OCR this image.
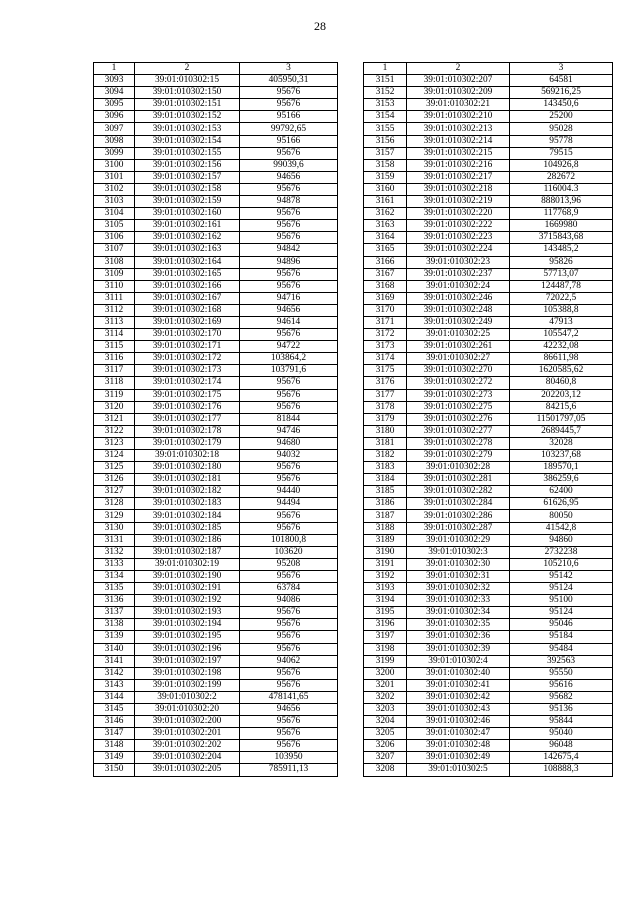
28
1	2	3
3093	39:01:010302:15	405950,31
3094	39:01:010302:150	95676
3095	39:01:010302:151	95676
3096	39:01:010302:152	95166
3097	39:01:010302:153	99792,65
3098	39:01:010302:154	95166
3099	39:01:010302:155	95676
3100	39:01:010302:156	99039,6
3101	39:01:010302:157	94656
3102	39:01:010302:158	95676
3103	39:01:010302:159	94878
3104	39:01:010302:160	95676
3105	39:01:010302:161	95676
3106	39:01:010302:162	95676
3107	39:01:010302:163	94842
3108	39:01:010302:164	94896
3109	39:01:010302:165	95676
3110	39:01:010302:166	95676
3111	39:01:010302:167	94716
3112	39:01:010302:168	94656
3113	39:01:010302:169	94614
3114	39:01:010302:170	95676
3115	39:01:010302:171	94722
3116	39:01:010302:172	103864,2
3117	39:01:010302:173	103791,6
3118	39:01:010302:174	95676
3119	39:01:010302:175	95676
3120	39:01:010302:176	95676
3121	39:01:010302:177	81844
3122	39:01:010302:178	94746
3123	39:01:010302:179	94680
3124	39:01:010302:18	94032
3125	39:01:010302:180	95676
3126	39:01:010302:181	95676
3127	39:01:010302:182	94440
3128	39:01:010302:183	94494
3129	39:01:010302:184	95676
3130	39:01:010302:185	95676
3131	39:01:010302:186	101800,8
3132	39:01:010302:187	103620
3133	39:01:010302:19	95208
3134	39:01:010302:190	95676
3135	39:01:010302:191	63784
3136	39:01:010302:192	94086
3137	39:01:010302:193	95676
3138	39:01:010302:194	95676
3139	39:01:010302:195	95676
3140	39:01:010302:196	95676
3141	39:01:010302:197	94062
3142	39:01:010302:198	95676
3143	39:01:010302:199	95676
3144	39:01:010302:2	478141,65
3145	39:01:010302:20	94656
3146	39:01:010302:200	95676
3147	39:01:010302:201	95676
3148	39:01:010302:202	95676
3149	39:01:010302:204	103950
3150	39:01:010302:205	785911,13
1	2	3
3151	39:01:010302:207	64581
3152	39:01:010302:209	569216,25
3153	39:01:010302:21	143450,6
3154	39:01:010302:210	25200
3155	39:01:010302:213	95028
3156	39:01:010302:214	95778
3157	39:01:010302:215	79515
3158	39:01:010302:216	104926,8
3159	39:01:010302:217	282672
3160	39:01:010302:218	116004.3
3161	39:01:010302:219	888013,96
3162	39:01:010302:220	117768,9
3163	39:01:010302:222	1669980
3164	39:01:010302:223	3715843,68
3165	39:01:010302:224	143485,2
3166	39:01:010302:23	95826
3167	39:01:010302:237	57713,07
3168	39:01:010302:24	124487,78
3169	39:01:010302:246	72022,5
3170	39:01:010302:248	105388,8
3171	39:01:010302:249	47913
3172	39:01:010302:25	105547,2
3173	39:01:010302:261	42232,08
3174	39:01:010302:27	86611,98
3175	39:01:010302:270	1620585,62
3176	39:01:010302:272	80460,8
3177	39:01:010302:273	202203,12
3178	39:01:010302:275	84215,6
3179	39:01:010302:276	11501797,05
3180	39:01:010302:277	2689445,7
3181	39:01:010302:278	32028
3182	39:01:010302:279	103237,68
3183	39:01:010302:28	189570,1
3184	39:01:010302:281	386259,6
3185	39:01:010302:282	62400
3186	39:01:010302:284	61626,95
3187	39:01:010302:286	80050
3188	39:01:010302:287	41542,8
3189	39:01:010302:29	94860
3190	39:01:010302:3	2732238
3191	39:01:010302:30	105210,6
3192	39:01:010302:31	95142
3193	39:01:010302:32	95124
3194	39:01:010302:33	95100
3195	39:01:010302:34	95124
3196	39:01:010302:35	95046
3197	39:01:010302:36	95184
3198	39:01:010302:39	95484
3199	39:01:010302:4	392563
3200	39:01:010302:40	95550
3201	39:01:010302:41	95616
3202	39:01:010302:42	95682
3203	39:01:010302:43	95136
3204	39:01:010302:46	95844
3205	39:01:010302:47	95040
3206	39:01:010302:48	96048
3207	39:01:010302:49	142675,4
3208	39:01:010302:5	108888,3
